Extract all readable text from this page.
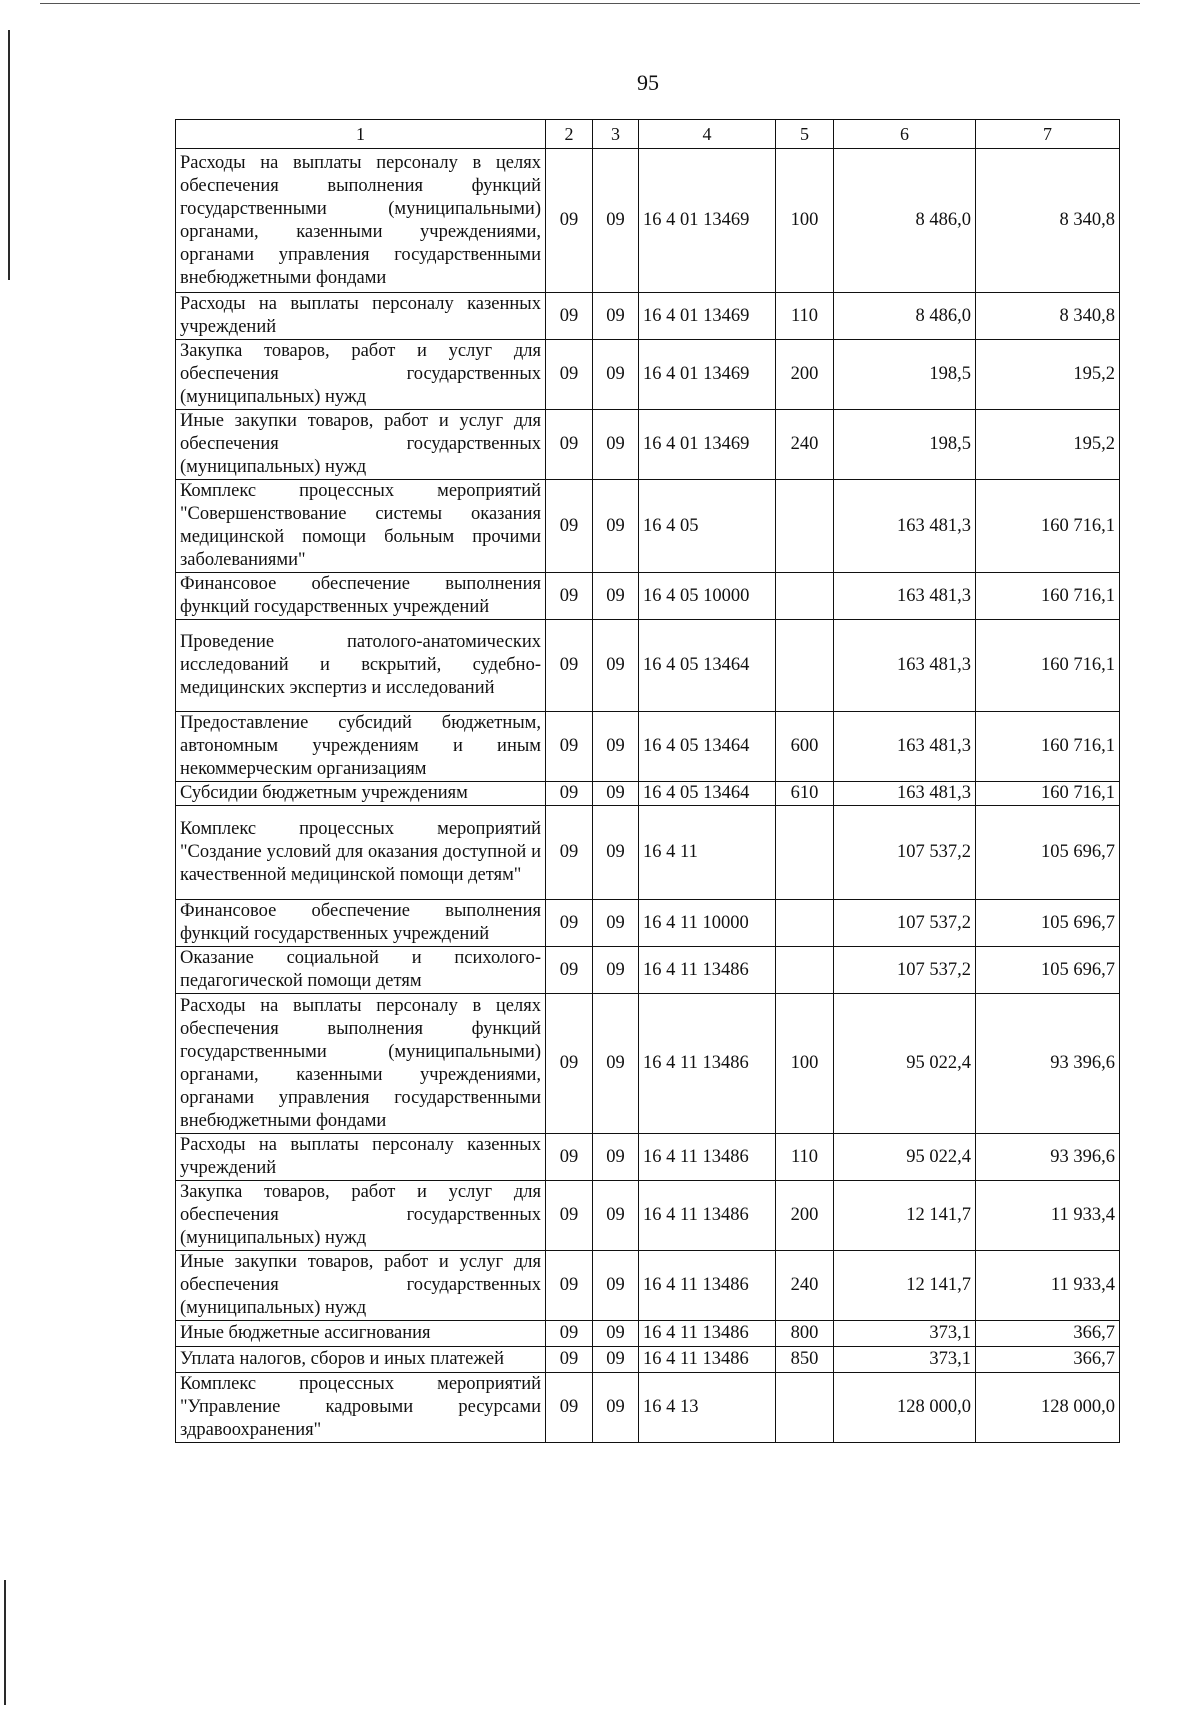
95
1	2	3	4	5	6	7
Расходы на выплаты персоналу в целях обеспечения выполнения функций государственными (муниципальными) органами, казенными учреждениями, органами управления государственными внебюджетными фондами	09	09	16 4 01 13469	100	8 486,0	8 340,8
Расходы на выплаты персоналу казенных учреждений	09	09	16 4 01 13469	110	8 486,0	8 340,8
Закупка товаров, работ и услуг для обеспечения государственных (муниципальных) нужд	09	09	16 4 01 13469	200	198,5	195,2
Иные закупки товаров, работ и услуг для обеспечения государственных (муниципальных) нужд	09	09	16 4 01 13469	240	198,5	195,2
Комплекс процессных мероприятий "Совершенствование системы оказания медицинской помощи больным прочими заболеваниями"	09	09	16 4 05		163 481,3	160 716,1
Финансовое обеспечение выполнения функций государственных учреждений	09	09	16 4 05 10000		163 481,3	160 716,1
Проведение патолого-анатомических исследований и вскрытий, судебно-медицинских экспертиз и исследований	09	09	16 4 05 13464		163 481,3	160 716,1
Предоставление субсидий бюджетным, автономным учреждениям и иным некоммерческим организациям	09	09	16 4 05 13464	600	163 481,3	160 716,1
Субсидии бюджетным учреждениям	09	09	16 4 05 13464	610	163 481,3	160 716,1
Комплекс процессных мероприятий "Создание условий для оказания доступной и качественной медицинской помощи детям"	09	09	16 4 11		107 537,2	105 696,7
Финансовое обеспечение выполнения функций государственных учреждений	09	09	16 4 11 10000		107 537,2	105 696,7
Оказание социальной и психолого-педагогической помощи детям	09	09	16 4 11 13486		107 537,2	105 696,7
Расходы на выплаты персоналу в целях обеспечения выполнения функций государственными (муниципальными) органами, казенными учреждениями, органами управления государственными внебюджетными фондами	09	09	16 4 11 13486	100	95 022,4	93 396,6
Расходы на выплаты персоналу казенных учреждений	09	09	16 4 11 13486	110	95 022,4	93 396,6
Закупка товаров, работ и услуг для обеспечения государственных (муниципальных) нужд	09	09	16 4 11 13486	200	12 141,7	11 933,4
Иные закупки товаров, работ и услуг для обеспечения государственных (муниципальных) нужд	09	09	16 4 11 13486	240	12 141,7	11 933,4
Иные бюджетные ассигнования	09	09	16 4 11 13486	800	373,1	366,7
Уплата налогов, сборов и иных платежей	09	09	16 4 11 13486	850	373,1	366,7
Комплекс процессных мероприятий "Управление кадровыми ресурсами здравоохранения"	09	09	16 4 13		128 000,0	128 000,0
